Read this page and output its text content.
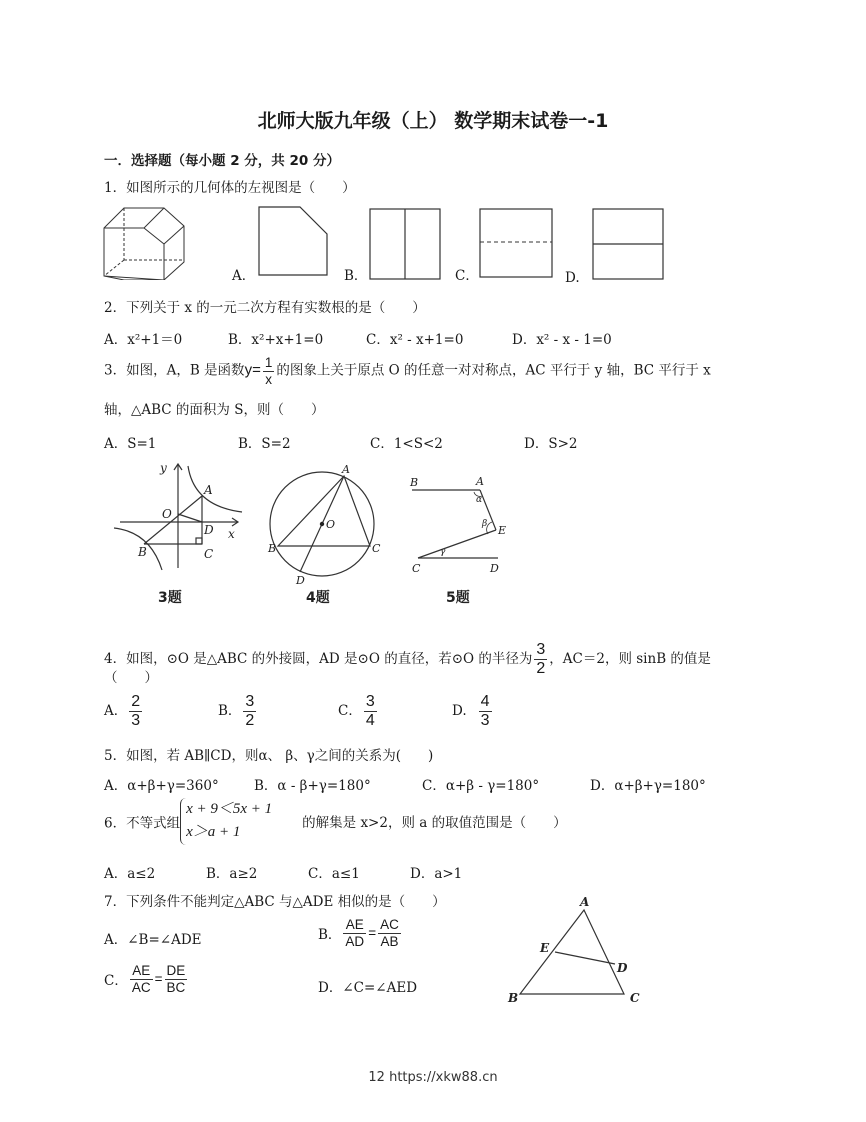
北师大版九年级（上） 数学期末试卷一-1
一．选择题（每小题 2 分，共 20 分）
1．如图所示的几何体的左视图是（　　）
A．	B．	C．	D.
2．下列关于 x 的一元二次方程有实数根的是（　　）
A．x²+1＝0	B．x²+x+1=0	C．x² - x+1=0	D．x² - x - 1=0
3．如图，A，B 是函数$y= \frac{1}{x}$ 的图象上关于原点 O 的任意一对对称点，AC 平行于 y 轴，BC 平行于 x
轴，△ABC 的面积为 S，则（　　）
A．S=1	B．S=2	C．1<S<2	D．S>2
y
x
O
A
B	C
D
3题
A
B	C
D
O
4题
B	A
α
β E
γ
C	D
5题
4．如图，⊙O 是△ABC 的外接圆，AD 是⊙O 的直径，若⊙O 的半径为 $\frac{3}{2}$ ，AC＝2，则 sinB 的值是
（　　）
A． $\frac{2}{3}$	B． $\frac{3}{2}$	C． $\frac{3}{4}$	D. $\frac{4}{3}$
5．如图，若 AB∥CD，则α、 β、γ之间的关系为(　　)
A．α+β+γ=360°	B．α - β+γ=180°	C．α+β - γ=180°	D．α+β+γ=180°
6．不等式组
x + 9＜5x + 1
x＞a + 1
的解集是 x>2，则 a 的取值范围是（　　）
A．a≤2	B．a≥2	C．a≤1	D．a>1
7．下列条件不能判定△ABC 与△ADE 相似的是（　　）
A．∠B=∠ADE	B． $\frac{AE}{AD} = \frac{AC}{AB}$
C． $\frac{AE}{AC} = \frac{DE}{BC}$	D．∠C=∠AED
A
E
D
B	C
12 https://xkw88.cn
